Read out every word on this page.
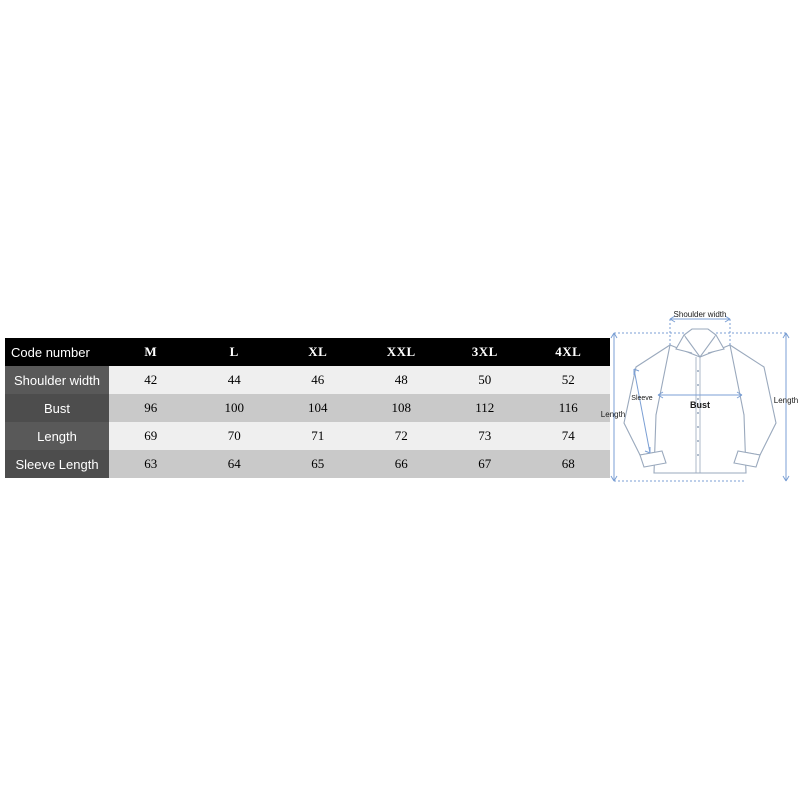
Code number	M	L	XL	XXL	3XL	4XL
Shoulder width	42	44	46	48	50	52
Bust	96	100	104	108	112	116
Length	69	70	71	72	73	74
Sleeve Length	63	64	65	66	67	68
Shoulder width
Bust
Sleeve
Length
Length
